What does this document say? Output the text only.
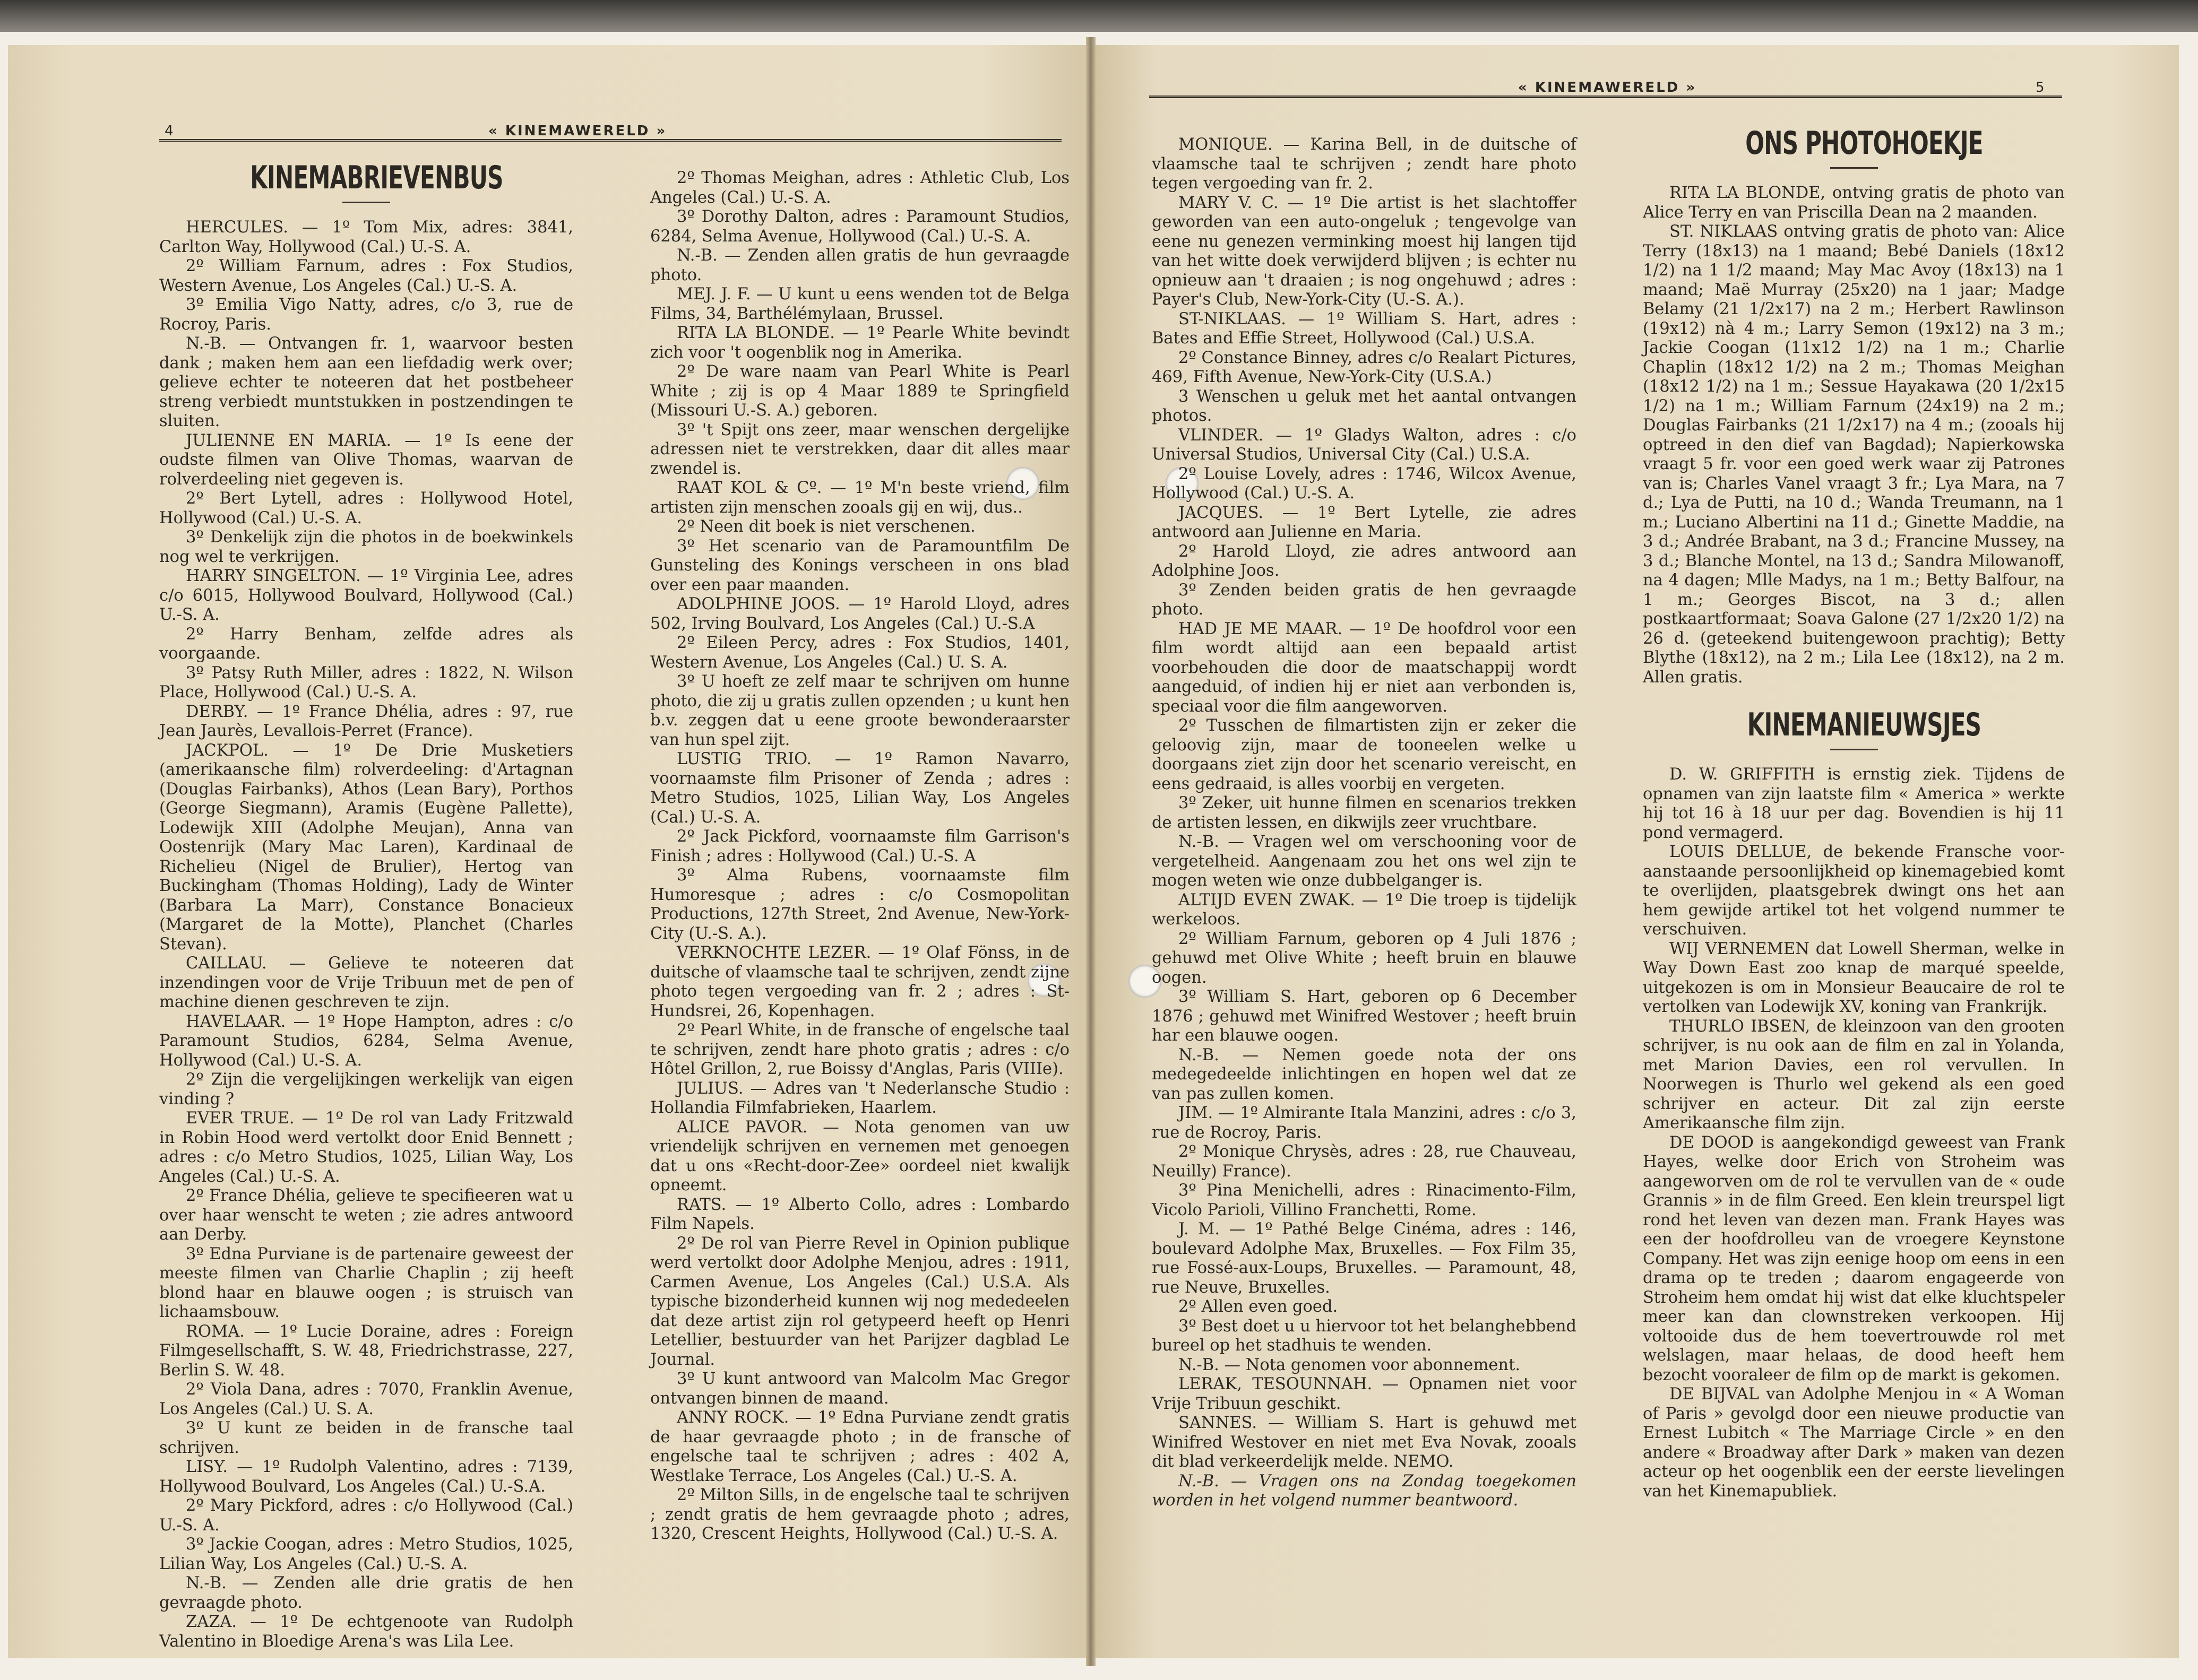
4	« KINEMAWERELD »

KINEMABRIEVENBUS

HERCULES. — 1º Tom Mix, adres: 3841, Carlton Way, Hollywood (Cal.) U.-S. A.

2º William Farnum, adres : Fox Studios, Western Avenue, Los Angeles (Cal.) U.-S. A.

3º Emilia Vigo Natty, adres, c/o 3, rue de Rocroy, Paris.

N.-B. — Ontvangen fr. 1, waarvoor besten dank ; maken hem aan een liefdadig werk over; gelieve echter te noteeren dat het postbeheer streng verbiedt muntstukken in postzendingen te sluiten.

JULIENNE EN MARIA. — 1º Is eene der oudste filmen van Olive Thomas, waarvan de rolverdeeling niet gegeven is.

2º Bert Lytell, adres : Hollywood Hotel, Hollywood (Cal.) U.-S. A.

3º Denkelijk zijn die photos in de boekwinkels nog wel te verkrijgen.

HARRY SINGELTON. — 1º Virginia Lee, adres c/o 6015, Hollywood Boulvard, Hollywood (Cal.) U.-S. A.

2º Harry Benham, zelfde adres als voorgaande.

3º Patsy Ruth Miller, adres : 1822, N. Wilson Place, Hollywood (Cal.) U.-S. A.

DERBY. — 1º France Dhélia, adres : 97, rue Jean Jaurès, Levallois-Perret (France).

JACKPOL. — 1º De Drie Musketiers (amerikaansche film) rolverdeeling: d'Artagnan (Douglas Fairbanks), Athos (Lean Bary), Porthos (George Siegmann), Aramis (Eugène Pallette), Lodewijk XIII (Adolphe Meujan), Anna van Oostenrijk (Mary Mac Laren), Kardinaal de Richelieu (Nigel de Brulier), Hertog van Buckingham (Thomas Holding), Lady de Winter (Barbara La Marr), Constance Bonacieux (Margaret de la Motte), Planchet (Charles Stevan).

CAILLAU. — Gelieve te noteeren dat inzendingen voor de Vrije Tribuun met de pen of machine dienen geschreven te zijn.

HAVELAAR. — 1º Hope Hampton, adres : c/o Paramount Studios, 6284, Selma Avenue, Hollywood (Cal.) U.-S. A.

2º Zijn die vergelijkingen werkelijk van eigen vinding ?

EVER TRUE. — 1º De rol van Lady Fritzwald in Robin Hood werd vertolkt door Enid Bennett ; adres : c/o Metro Studios, 1025, Lilian Way, Los Angeles (Cal.) U.-S. A.

2º France Dhélia, gelieve te specifieeren wat u over haar wenscht te weten ; zie adres antwoord aan Derby.

3º Edna Purviane is de partenaire geweest der meeste filmen van Charlie Chaplin ; zij heeft blond haar en blauwe oogen ; is struisch van lichaamsbouw.

ROMA. — 1º Lucie Doraine, adres : Foreign Filmgesellschafft, S. W. 48, Friedrichstrasse, 227, Berlin S. W. 48.

2º Viola Dana, adres : 7070, Franklin Avenue, Los Angeles (Cal.) U. S. A.

3º U kunt ze beiden in de fransche taal schrijven.

LISY. — 1º Rudolph Valentino, adres : 7139, Hollywood Boulvard, Los Angeles (Cal.) U.-S.A.

2º Mary Pickford, adres : c/o Hollywood (Cal.) U.-S. A.

3º Jackie Coogan, adres : Metro Studios, 1025, Lilian Way, Los Angeles (Cal.) U.-S. A.

N.-B. — Zenden alle drie gratis de hen gevraagde photo.

ZAZA. — 1º De echtgenoote van Rudolph Valentino in Bloedige Arena's was Lila Lee.

2º Thomas Meighan, adres : Athletic Club, Los Angeles (Cal.) U.-S. A.

3º Dorothy Dalton, adres : Paramount Studios, 6284, Selma Avenue, Hollywood (Cal.) U.-S. A.

N.-B. — Zenden allen gratis de hun gevraagde photo.

MEJ. J. F. — U kunt u eens wenden tot de Belga Films, 34, Barthélémylaan, Brussel.

RITA LA BLONDE. — 1º Pearle White bevindt zich voor 't oogenblik nog in Amerika.

2º De ware naam van Pearl White is Pearl White ; zij is op 4 Maar 1889 te Springfield (Missouri U.-S. A.) geboren.

3º 't Spijt ons zeer, maar wenschen dergelijke adressen niet te verstrekken, daar dit alles maar zwendel is.

RAAT KOL & Cº. — 1º M'n beste vriend, film artisten zijn menschen zooals gij en wij, dus..

2º Neen dit boek is niet verschenen.

3º Het scenario van de Paramountfilm De Gunsteling des Konings verscheen in ons blad over een paar maanden.

ADOLPHINE JOOS. — 1º Harold Lloyd, adres 502, Irving Boulvard, Los Angeles (Cal.) U.-S.A

2º Eileen Percy, adres : Fox Studios, 1401, Western Avenue, Los Angeles (Cal.) U. S. A.

3º U hoeft ze zelf maar te schrijven om hunne photo, die zij u gratis zullen opzenden ; u kunt hen b.v. zeggen dat u eene groote bewonderaarster van hun spel zijt.

LUSTIG TRIO. — 1º Ramon Navarro, voornaamste film Prisoner of Zenda ; adres : Metro Studios, 1025, Lilian Way, Los Angeles (Cal.) U.-S. A.

2º Jack Pickford, voornaamste film Garrison's Finish ; adres : Hollywood (Cal.) U.-S. A

3º Alma Rubens, voornaamste film Humoresque ; adres : c/o Cosmopolitan Productions, 127th Street, 2nd Avenue, New-York-City (U.-S. A.).

VERKNOCHTE LEZER. — 1º Olaf Fönss, in de duitsche of vlaamsche taal te schrijven, zendt zijne photo tegen vergoeding van fr. 2 ; adres : St-Hundsrei, 26, Kopenhagen.

2º Pearl White, in de fransche of engelsche taal te schrijven, zendt hare photo gratis ; adres : c/o Hôtel Grillon, 2, rue Boissy d'Anglas, Paris (VIIIe).

JULIUS. — Adres van 't Nederlansche Studio : Hollandia Filmfabrieken, Haarlem.

ALICE PAVOR. — Nota genomen van uw vriendelijk schrijven en vernemen met genoegen dat u ons «Recht-door-Zee» oordeel niet kwalijk opneemt.

RATS. — 1º Alberto Collo, adres : Lombardo Film Napels.

2º De rol van Pierre Revel in Opinion publique werd vertolkt door Adolphe Menjou, adres : 1911, Carmen Avenue, Los Angeles (Cal.) U.S.A. Als typische bizonderheid kunnen wij nog mededeelen dat deze artist zijn rol getypeerd heeft op Henri Letellier, bestuurder van het Parijzer dagblad Le Journal.

3º U kunt antwoord van Malcolm Mac Gregor ontvangen binnen de maand.

ANNY ROCK. — 1º Edna Purviane zendt gratis de haar gevraagde photo ; in de fransche of engelsche taal te schrijven ; adres : 402 A, Westlake Terrace, Los Angeles (Cal.) U.-S. A.

2º Milton Sills, in de engelsche taal te schrijven ; zendt gratis de hem gevraagde photo ; adres, 1320, Crescent Heights, Hollywood (Cal.) U.-S. A.

« KINEMAWERELD »	5

MONIQUE. — Karina Bell, in de duitsche of vlaamsche taal te schrijven ; zendt hare photo tegen vergoeding van fr. 2.

MARY V. C. — 1º Die artist is het slachtoffer geworden van een auto-ongeluk ; tengevolge van eene nu genezen verminking moest hij langen tijd van het witte doek verwijderd blijven ; is echter nu opnieuw aan 't draaien ; is nog ongehuwd ; adres : Payer's Club, New-York-City (U.-S. A.).

ST-NIKLAAS. — 1º William S. Hart, adres : Bates and Effie Street, Hollywood (Cal.) U.S.A.

2º Constance Binney, adres c/o Realart Pictures, 469, Fifth Avenue, New-York-City (U.S.A.)

3 Wenschen u geluk met het aantal ontvangen photos.

VLINDER. — 1º Gladys Walton, adres : c/o Universal Studios, Universal City (Cal.) U.S.A.

2º Louise Lovely, adres : 1746, Wilcox Avenue, Hollywood (Cal.) U.-S. A.

JACQUES. — 1º Bert Lytelle, zie adres antwoord aan Julienne en Maria.

2º Harold Lloyd, zie adres antwoord aan Adolphine Joos.

3º Zenden beiden gratis de hen gevraagde photo.

HAD JE ME MAAR. — 1º De hoofdrol voor een film wordt altijd aan een bepaald artist voorbehouden die door de maatschappij wordt aangeduid, of indien hij er niet aan verbonden is, speciaal voor die film aangeworven.

2º Tusschen de filmartisten zijn er zeker die geloovig zijn, maar de tooneelen welke u doorgaans ziet zijn door het scenario vereischt, en eens gedraaid, is alles voorbij en vergeten.

3º Zeker, uit hunne filmen en scenarios trekken de artisten lessen, en dikwijls zeer vruchtbare.

N.-B. — Vragen wel om verschooning voor de vergetelheid. Aangenaam zou het ons wel zijn te mogen weten wie onze dubbelganger is.

ALTIJD EVEN ZWAK. — 1º Die troep is tijdelijk werkeloos.

2º William Farnum, geboren op 4 Juli 1876 ; gehuwd met Olive White ; heeft bruin en blauwe oogen.

3º William S. Hart, geboren op 6 December 1876 ; gehuwd met Winifred Westover ; heeft bruin har een blauwe oogen.

N.-B. — Nemen goede nota der ons medegedeelde inlichtingen en hopen wel dat ze van pas zullen komen.

JIM. — 1º Almirante Itala Manzini, adres : c/o 3, rue de Rocroy, Paris.

2º Monique Chrysès, adres : 28, rue Chauveau, Neuilly) France).

3º Pina Menichelli, adres : Rinacimento-Film, Vicolo Parioli, Villino Franchetti, Rome.

J. M. — 1º Pathé Belge Cinéma, adres : 146, boulevard Adolphe Max, Bruxelles. — Fox Film 35, rue Fossé-aux-Loups, Bruxelles. — Paramount, 48, rue Neuve, Bruxelles.

2º Allen even goed.

3º Best doet u u hiervoor tot het belanghebbend bureel op het stadhuis te wenden.

N.-B. — Nota genomen voor abonnement.

LERAK, TESOUNNAH. — Opnamen niet voor Vrije Tribuun geschikt.

SANNES. — William S. Hart is gehuwd met Winifred Westover en niet met Eva Novak, zooals dit blad verkeerdelijk melde. NEMO.

N.-B. — Vragen ons na Zondag toegekomen worden in het volgend nummer beantwoord.

ONS PHOTOHOEKJE

RITA LA BLONDE, ontving gratis de photo van Alice Terry en van Priscilla Dean na 2 maanden.

ST. NIKLAAS ontving gratis de photo van: Alice Terry (18x13) na 1 maand; Bebé Daniels (18x12 1/2) na 1 1/2 maand; May Mac Avoy (18x13) na 1 maand; Maë Murray (25x20) na 1 jaar; Madge Belamy (21 1/2x17) na 2 m.; Herbert Rawlinson (19x12) nà 4 m.; Larry Semon (19x12) na 3 m.; Jackie Coogan (11x12 1/2) na 1 m.; Charlie Chaplin (18x12 1/2) na 2 m.; Thomas Meighan (18x12 1/2) na 1 m.; Sessue Hayakawa (20 1/2x15 1/2) na 1 m.; William Farnum (24x19) na 2 m.; Douglas Fairbanks (21 1/2x17) na 4 m.; (zooals hij optreed in den dief van Bagdad); Napierkowska vraagt 5 fr. voor een goed werk waar zij Patrones van is; Charles Vanel vraagt 3 fr.; Lya Mara, na 7 d.; Lya de Putti, na 10 d.; Wanda Treumann, na 1 m.; Luciano Albertini na 11 d.; Ginette Maddie, na 3 d.; Andrée Brabant, na 3 d.; Francine Mussey, na 3 d.; Blanche Montel, na 13 d.; Sandra Milowanoff, na 4 dagen; Mlle Madys, na 1 m.; Betty Balfour, na 1 m.; Georges Biscot, na 3 d.; allen postkaartformaat; Soava Galone (27 1/2x20 1/2) na 26 d. (geteekend buitengewoon prachtig); Betty Blythe (18x12), na 2 m.; Lila Lee (18x12), na 2 m. Allen gratis.

KINEMANIEUWSJES

D. W. GRIFFITH is ernstig ziek. Tijdens de opnamen van zijn laatste film « America » werkte hij tot 16 à 18 uur per dag. Bovendien is hij 11 pond vermagerd.

LOUIS DELLUE, de bekende Fransche voor-aanstaande persoonlijkheid op kinemagebied komt te overlijden, plaatsgebrek dwingt ons het aan hem gewijde artikel tot het volgend nummer te verschuiven.

WIJ VERNEMEN dat Lowell Sherman, welke in Way Down East zoo knap de marqué speelde, uitgekozen is om in Monsieur Beaucaire de rol te vertolken van Lodewijk XV, koning van Frankrijk.

THURLO IBSEN, de kleinzoon van den grooten schrijver, is nu ook aan de film en zal in Yolanda, met Marion Davies, een rol vervullen. In Noorwegen is Thurlo wel gekend als een goed schrijver en acteur. Dit zal zijn eerste Amerikaansche film zijn.

DE DOOD is aangekondigd geweest van Frank Hayes, welke door Erich von Stroheim was aangeworven om de rol te vervullen van de « oude Grannis » in de film Greed. Een klein treurspel ligt rond het leven van dezen man. Frank Hayes was een der hoofdrolleu van de vroegere Keynstone Company. Het was zijn eenige hoop om eens in een drama op te treden ; daarom engageerde von Stroheim hem omdat hij wist dat elke kluchtspeler meer kan dan clownstreken verkoopen. Hij voltooide dus de hem toevertrouwde rol met welslagen, maar helaas, de dood heeft hem bezocht vooraleer de film op de markt is gekomen.

DE BIJVAL van Adolphe Menjou in « A Woman of Paris » gevolgd door een nieuwe productie van Ernest Lubitch « The Marriage Circle » en den andere « Broadway after Dark » maken van dezen acteur op het oogenblik een der eerste lievelingen van het Kinemapubliek.
